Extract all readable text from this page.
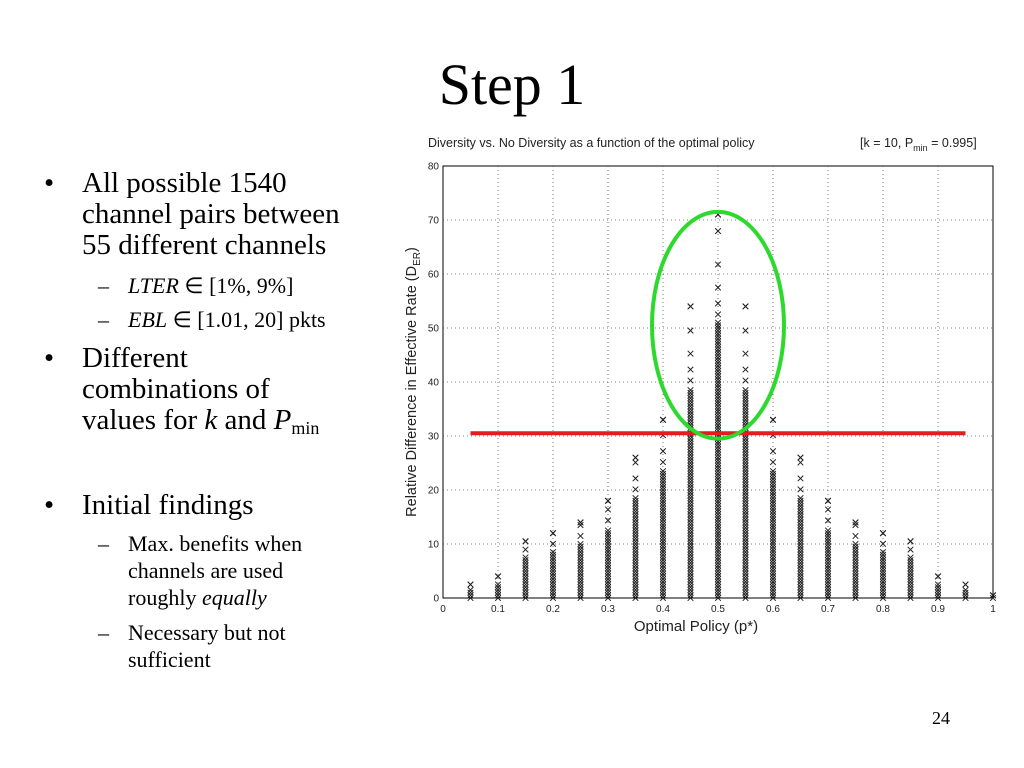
Step 1
• All possible 1540
channel pairs between
55 different channels
– LTER ∈ [1%, 9%]
– EBL ∈ [1.01, 20] pkts
• Different
combinations of
values for k and $P_{min}$
• Initial findings
– Max. benefits when
channels are used
roughly equally
– Necessary but not
sufficient
Diversity vs. No Diversity as a function of the optimal policy	[k = 10, $P_{min} = 0.995$]
0
10
20
30
40
50
60
70
80
0	0.1	0.2	0.3	0.4	0.5	0.6	0.7	0.8	0.9	1
Optimal Policy (p*)
Relative Difference in Effective Rate $(D_{ER})$
24
